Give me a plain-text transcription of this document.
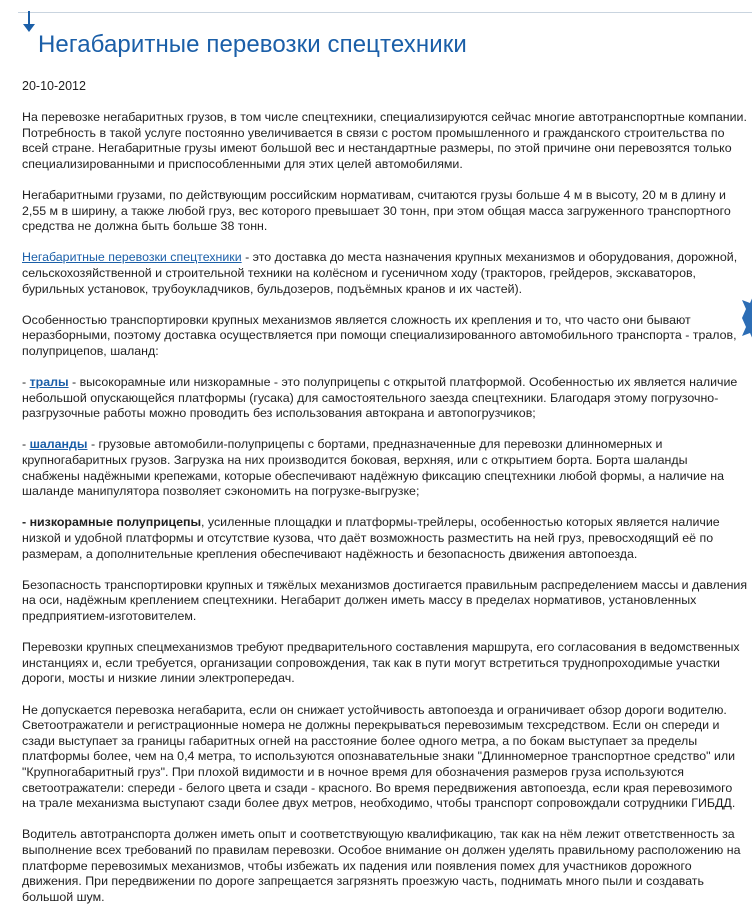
Негабаритные перевозки спецтехники
20-10-2012

На перевозке негабаритных грузов, в том числе спецтехники, специализируются сейчас многие автотранспортные компании. Потребность в такой услуге постоянно увеличивается в связи с ростом промышленного и гражданского строительства по всей стране. Негабаритные грузы имеют большой вес и нестандартные размеры, по этой причине они перевозятся только специализированными и приспособленными для этих целей автомобилями.

Негабаритными грузами, по действующим российским нормативам, считаются грузы больше 4 м в высоту, 20 м в длину и 2,55 м в ширину, а также любой груз, вес которого превышает 30 тонн, при этом общая масса загруженного транспортного средства не должна быть больше 38 тонн.

Негабаритные перевозки спецтехники - это доставка до места назначения крупных механизмов и оборудования, дорожной, сельскохозяйственной и строительной техники на колёсном и гусеничном ходу (тракторов, грейдеров, экскаваторов, бурильных установок, трубоукладчиков, бульдозеров, подъёмных кранов и их частей).

Особенностью транспортировки крупных механизмов является сложность их крепления и то, что часто они бывают неразборными, поэтому доставка осуществляется при помощи специализированного автомобильного транспорта - тралов, полуприцепов, шаланд:

- тралы - высокорамные или низкорамные - это полуприцепы с открытой платформой. Особенностью их является наличие небольшой опускающейся платформы (гусака) для самостоятельного заезда спецтехники. Благодаря этому погрузочно-разгрузочные работы можно проводить без использования автокрана и автопогрузчиков;

- шаланды - грузовые автомобили-полуприцепы с бортами, предназначенные для перевозки длинномерных и крупногабаритных грузов. Загрузка на них производится боковая, верхняя, или с открытием борта. Борта шаланды снабжены надёжными крепежами, которые обеспечивают надёжную фиксацию спецтехники любой формы, а наличие на шаланде манипулятора позволяет сэкономить на погрузке-выгрузке;

- низкорамные полуприцепы, усиленные площадки и платформы-трейлеры, особенностью которых является наличие низкой и удобной платформы и отсутствие кузова, что даёт возможность разместить на ней груз, превосходящий её по размерам, а дополнительные крепления обеспечивают надёжность и безопасность движения автопоезда.

Безопасность транспортировки крупных и тяжёлых механизмов достигается правильным распределением массы и давления на оси, надёжным креплением спецтехники. Негабарит должен иметь массу в пределах нормативов, установленных предприятием-изготовителем.

Перевозки крупных спецмеханизмов требуют предварительного составления маршрута, его согласования в ведомственных инстанциях и, если требуется, организации сопровождения, так как в пути могут встретиться труднопроходимые участки дороги, мосты и низкие линии электропередач.

Не допускается перевозка негабарита, если он снижает устойчивость автопоезда и ограничивает обзор дороги водителю. Светоотражатели и регистрационные номера не должны перекрываться перевозимым техсредством. Если он спереди и сзади выступает за границы габаритных огней на расстояние более одного метра, а по бокам выступает за пределы платформы более, чем на 0,4 метра, то используются опознавательные знаки "Длинномерное транспортное средство" или "Крупногабаритный груз". При плохой видимости и в ночное время для обозначения размеров груза используются светоотражатели: спереди - белого цвета и сзади - красного. Во время передвижения автопоезда, если края перевозимого на трале механизма выступают сзади более двух метров, необходимо, чтобы транспорт сопровождали сотрудники ГИБДД.

Водитель автотранспорта должен иметь опыт и соответствующую квалификацию, так как на нём лежит ответственность за выполнение всех требований по правилам перевозки. Особое внимание он должен уделять правильному расположению на платформе перевозимых механизмов, чтобы избежать их падения или появления помех для участников дорожного движения. При передвижении по дороге запрещается загрязнять проезжую часть, поднимать много пыли и создавать большой шум.
